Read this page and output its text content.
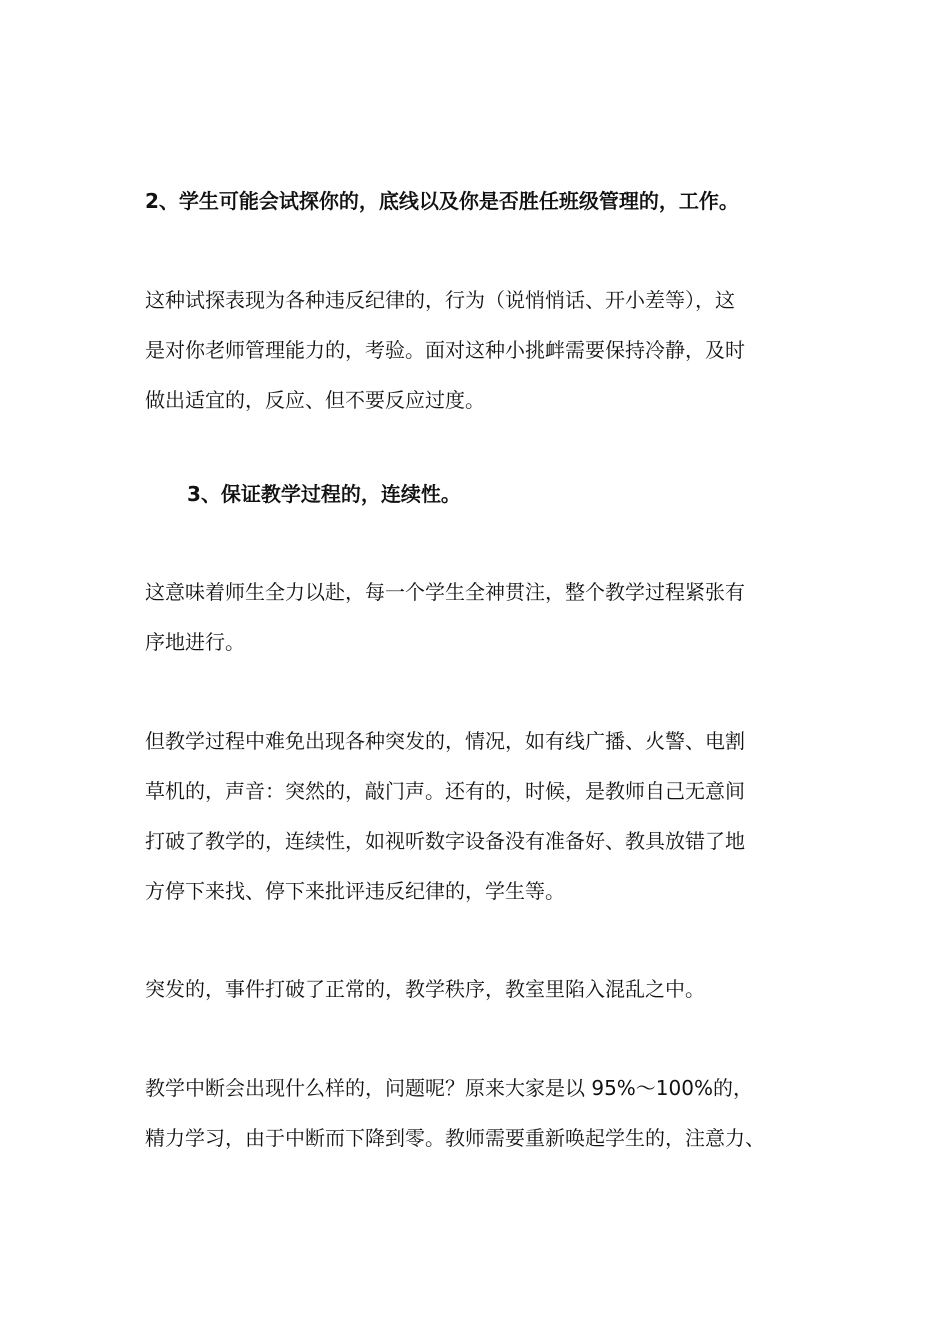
2、学生可能会试探你的，底线以及你是否胜任班级管理的，工作。
这种试探表现为各种违反纪律的，行为（说悄悄话、开小差等），这
是对你老师管理能力的，考验。面对这种小挑衅需要保持冷静，及时
做出适宜的，反应、但不要反应过度。
3、保证教学过程的，连续性。
这意味着师生全力以赴，每一个学生全神贯注，整个教学过程紧张有
序地进行。
但教学过程中难免出现各种突发的，情况，如有线广播、火警、电割
草机的，声音：突然的，敲门声。还有的，时候，是教师自己无意间
打破了教学的，连续性，如视听数字设备没有准备好、教具放错了地
方停下来找、停下来批评违反纪律的，学生等。
突发的，事件打破了正常的，教学秩序，教室里陷入混乱之中。
教学中断会出现什么样的，问题呢？原来大家是以 95%～100%的，
精力学习，由于中断而下降到零。教师需要重新唤起学生的，注意力、
